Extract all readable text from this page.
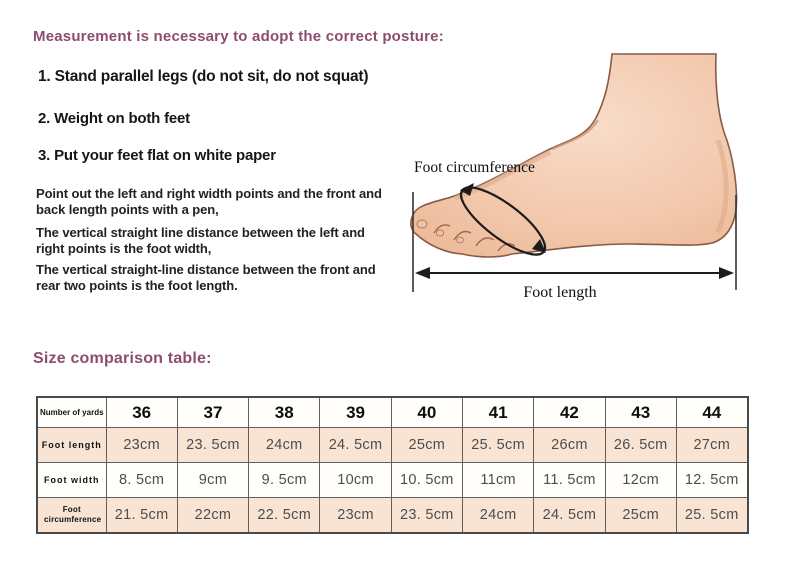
Measurement is necessary to adopt the correct posture:
1. Stand parallel legs (do not sit, do not squat)
2. Weight on both feet
3. Put your feet flat on white paper
Point out the left and right width points and the front and back length points with a pen,
The vertical straight line distance between the left and right points is the foot width,
The vertical straight-line distance between the front and rear two points is the foot length.
Foot circumference
Foot length
Size comparison table:
Number of yards	36	37	38	39	40	41	42	43	44
Foot length	23cm	23. 5cm	24cm	24. 5cm	25cm	25. 5cm	26cm	26. 5cm	27cm
Foot width	8. 5cm	9cm	9. 5cm	10cm	10. 5cm	11cm	11. 5cm	12cm	12. 5cm
Foot circumference	21. 5cm	22cm	22. 5cm	23cm	23. 5cm	24cm	24. 5cm	25cm	25. 5cm
